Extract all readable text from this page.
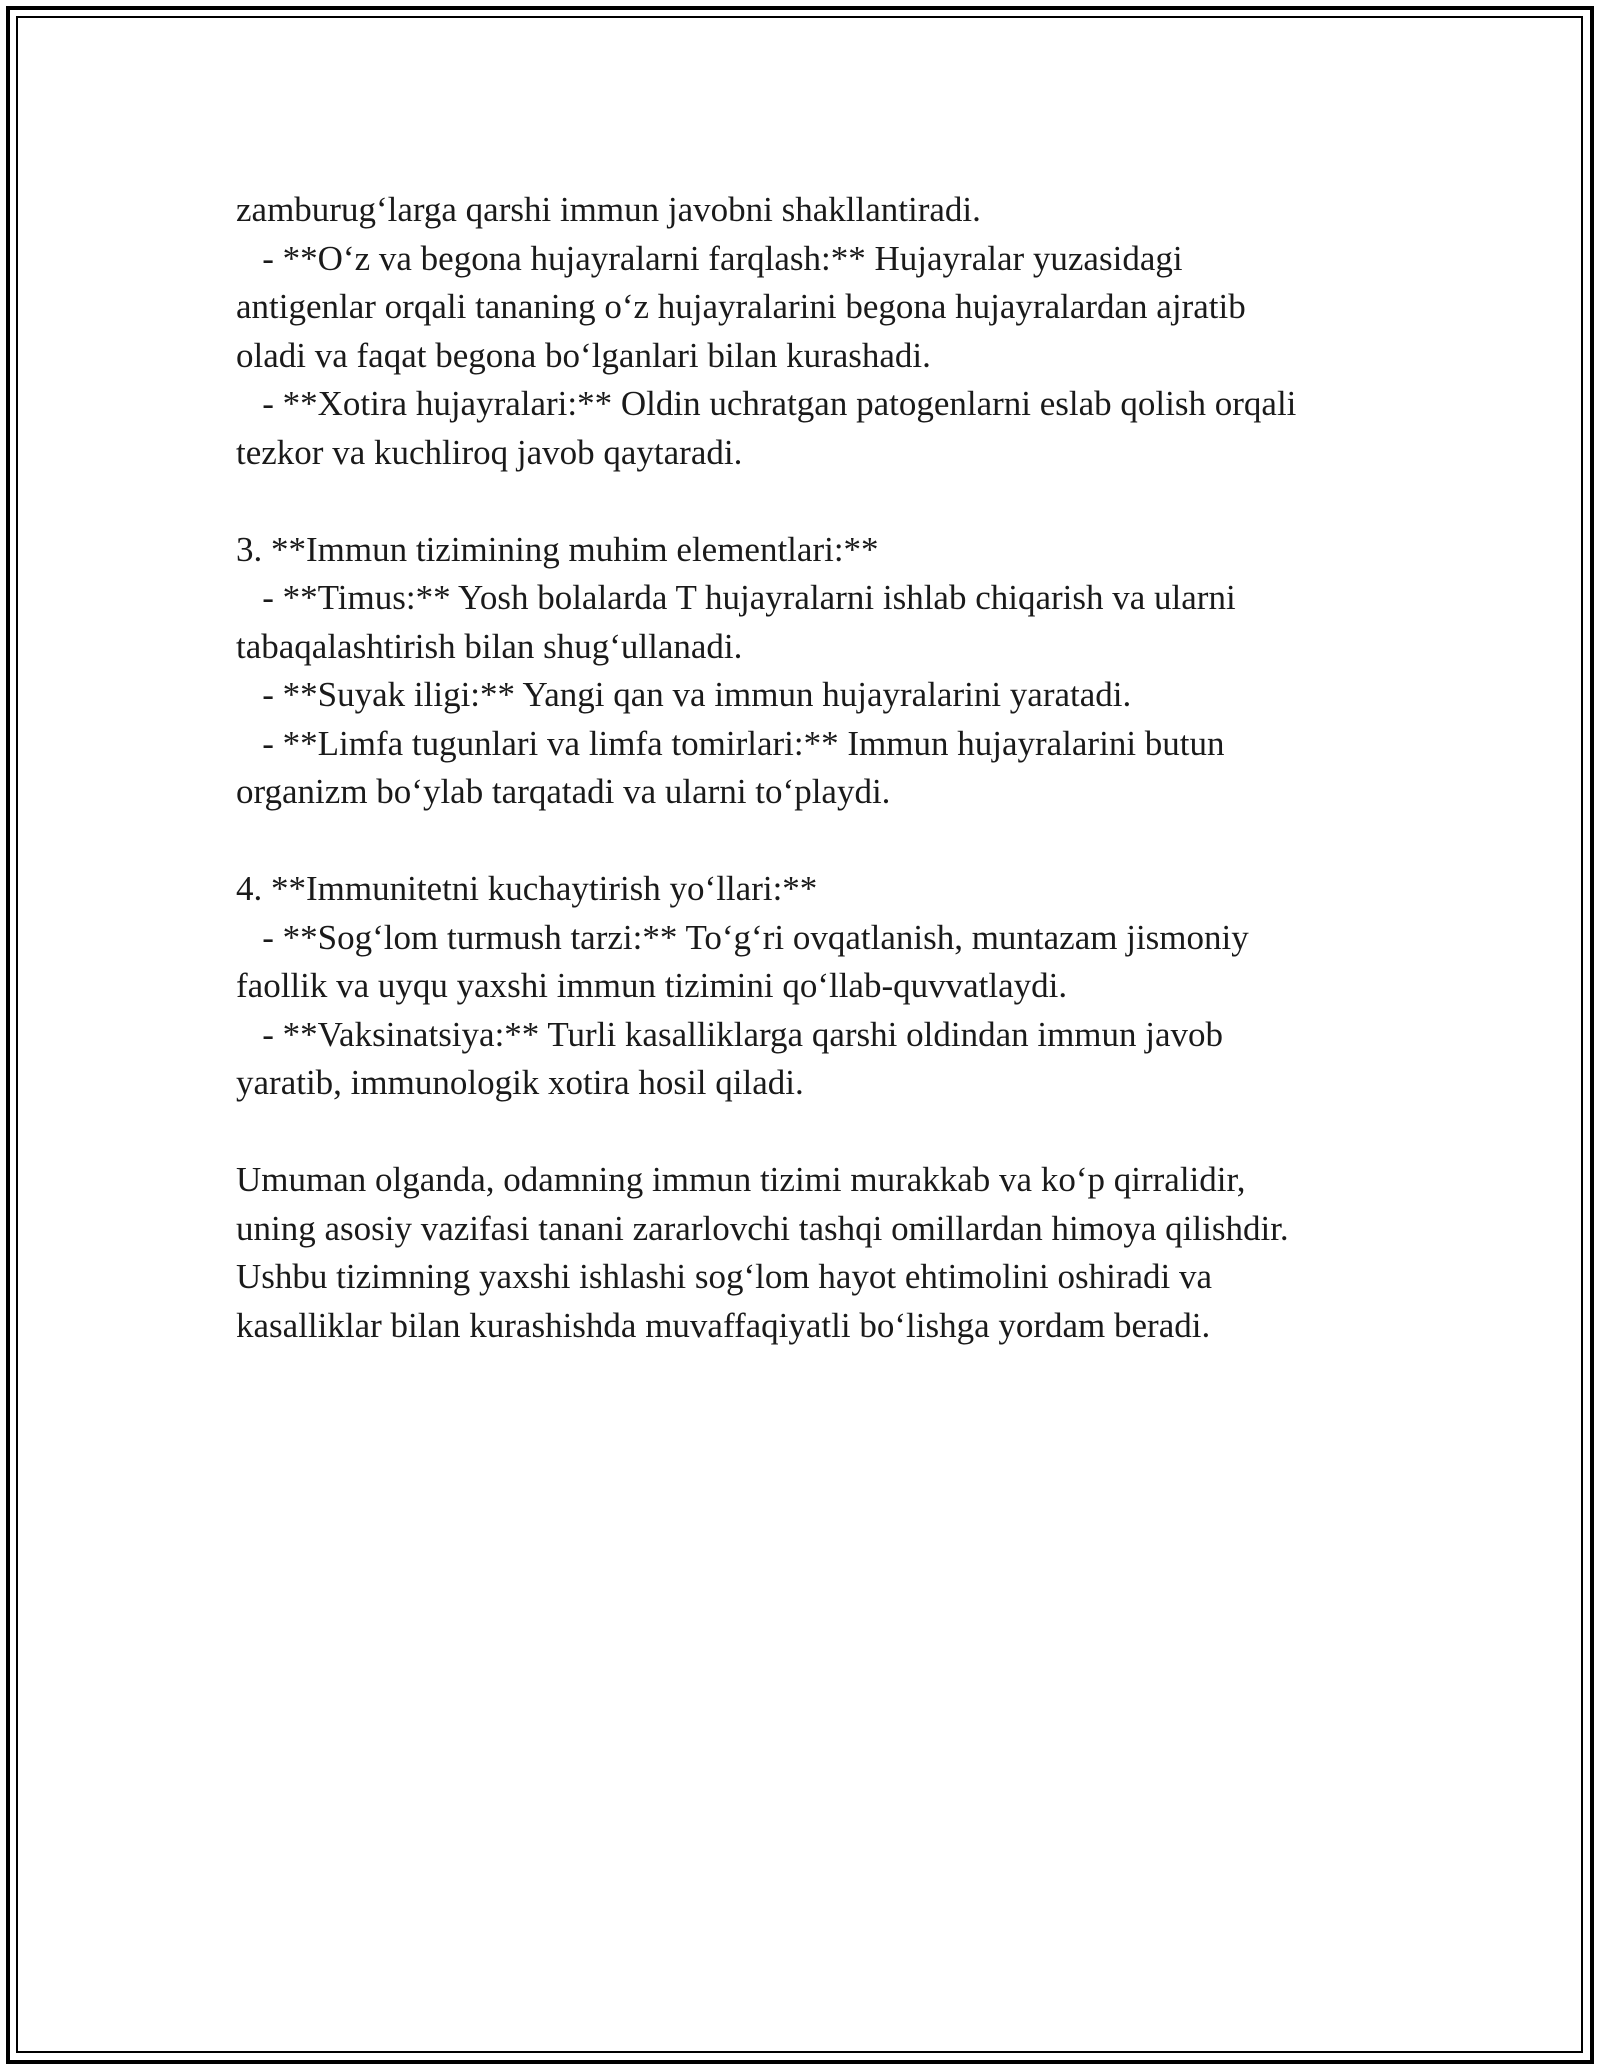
zamburug‘larga qarshi immun javobni shakllantiradi.
- **O‘z va begona hujayralarni farqlash:** Hujayralar yuzasidagi
antigenlar orqali tananing o‘z hujayralarini begona hujayralardan ajratib
oladi va faqat begona bo‘lganlari bilan kurashadi.
- **Xotira hujayralari:** Oldin uchratgan patogenlarni eslab qolish orqali
tezkor va kuchliroq javob qaytaradi.
3. **Immun tizimining muhim elementlari:**
- **Timus:** Yosh bolalarda T hujayralarni ishlab chiqarish va ularni
tabaqalashtirish bilan shug‘ullanadi.
- **Suyak iligi:** Yangi qan va immun hujayralarini yaratadi.
- **Limfa tugunlari va limfa tomirlari:** Immun hujayralarini butun
organizm bo‘ylab tarqatadi va ularni to‘playdi.
4. **Immunitetni kuchaytirish yo‘llari:**
- **Sog‘lom turmush tarzi:** To‘g‘ri ovqatlanish, muntazam jismoniy
faollik va uyqu yaxshi immun tizimini qo‘llab-quvvatlaydi.
- **Vaksinatsiya:** Turli kasalliklarga qarshi oldindan immun javob
yaratib, immunologik xotira hosil qiladi.
Umuman olganda, odamning immun tizimi murakkab va ko‘p qirralidir,
uning asosiy vazifasi tanani zararlovchi tashqi omillardan himoya qilishdir.
Ushbu tizimning yaxshi ishlashi sog‘lom hayot ehtimolini oshiradi va
kasalliklar bilan kurashishda muvaffaqiyatli bo‘lishga yordam beradi.
